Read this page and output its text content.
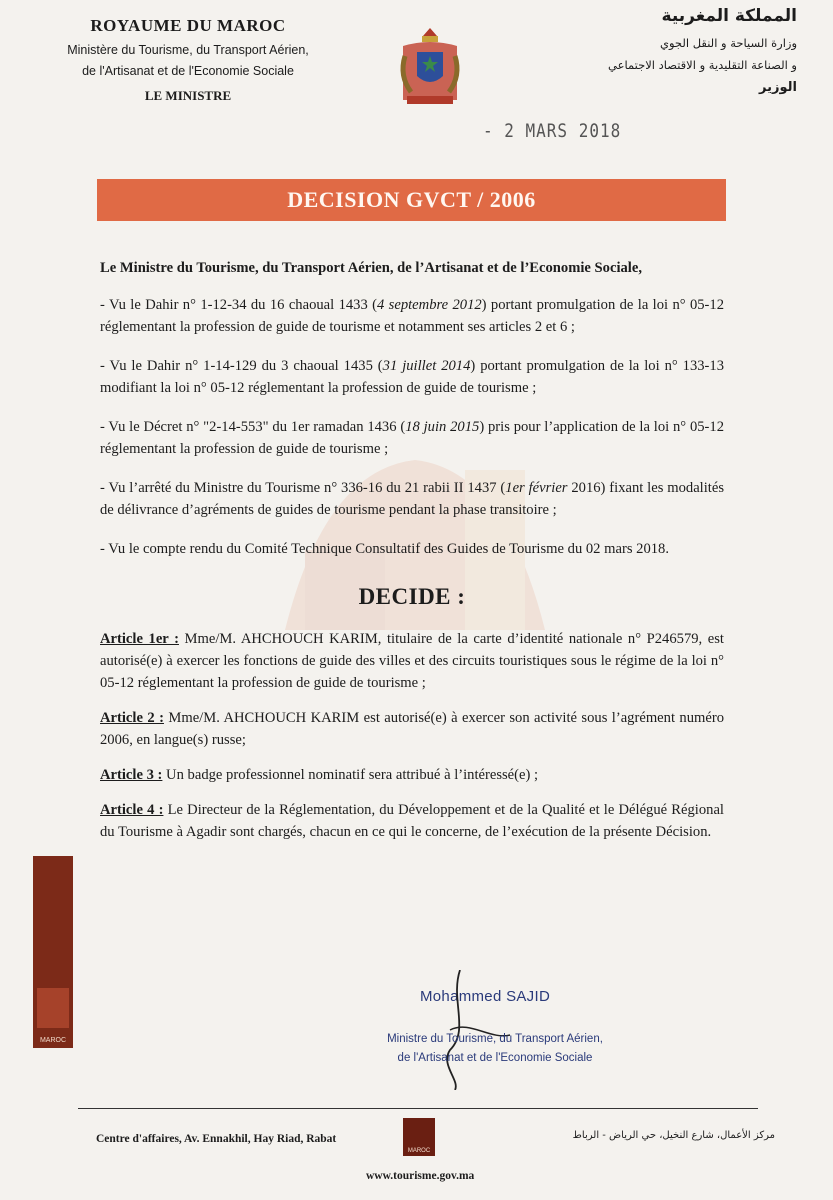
ROYAUME DU MAROC
Ministère du Tourisme, du Transport Aérien,
de l'Artisanat et de l'Economie Sociale
LE MINISTRE
المملكة المغربية
وزارة السياحة و النقل الجوي
و الصناعة التقليدية و الاقتصاد الاجتماعي
الوزير
- 2 MARS 2018
DECISION GVCT / 2006
Le Ministre du Tourisme, du Transport Aérien, de l’Artisanat et de l’Economie Sociale,
- Vu le Dahir n° 1-12-34 du 16 chaoual 1433 (4 septembre 2012) portant promulgation de la loi n° 05-12 réglementant la profession de guide de tourisme et notamment ses articles 2 et 6 ;
- Vu le Dahir n° 1-14-129 du 3 chaoual 1435 (31 juillet 2014) portant promulgation de la loi n° 133-13 modifiant la loi n° 05-12 réglementant la profession de guide de tourisme ;
- Vu le Décret n° "2-14-553" du 1er ramadan 1436 (18 juin 2015) pris pour l’application de la loi n° 05-12 réglementant la profession de guide de tourisme ;
- Vu l’arrêté du Ministre du Tourisme n° 336-16 du 21 rabii II 1437 (1er février 2016) fixant les modalités de délivrance d’agréments de guides de tourisme pendant la phase transitoire ;
- Vu le compte rendu du Comité Technique Consultatif des Guides de Tourisme du 02 mars 2018.
DECIDE :
Article 1er : Mme/M. AHCHOUCH KARIM, titulaire de la carte d’identité nationale n° P246579, est autorisé(e) à exercer les fonctions de guide des villes et des circuits touristiques sous le régime de la loi n° 05-12 réglementant la profession de guide de tourisme ;
Article 2 : Mme/M. AHCHOUCH KARIM est autorisé(e) à exercer son activité sous l’agrément numéro 2006, en langue(s) russe;
Article 3 : Un badge professionnel nominatif sera attribué à l’intéressé(e) ;
Article 4 : Le Directeur de la Réglementation, du Développement et de la Qualité et le Délégué Régional du Tourisme à Agadir sont chargés, chacun en ce qui le concerne, de l’exécution de la présente Décision.
MAROC
Mohammed SAJID
Ministre du Tourisme, du Transport Aérien,
de l'Artisanat et de l'Economie Sociale
Centre d'affaires, Av. Ennakhil, Hay Riad, Rabat
MAROC
مركز الأعمال، شارع النخيل، حي الرياض - الرباط
www.tourisme.gov.ma
